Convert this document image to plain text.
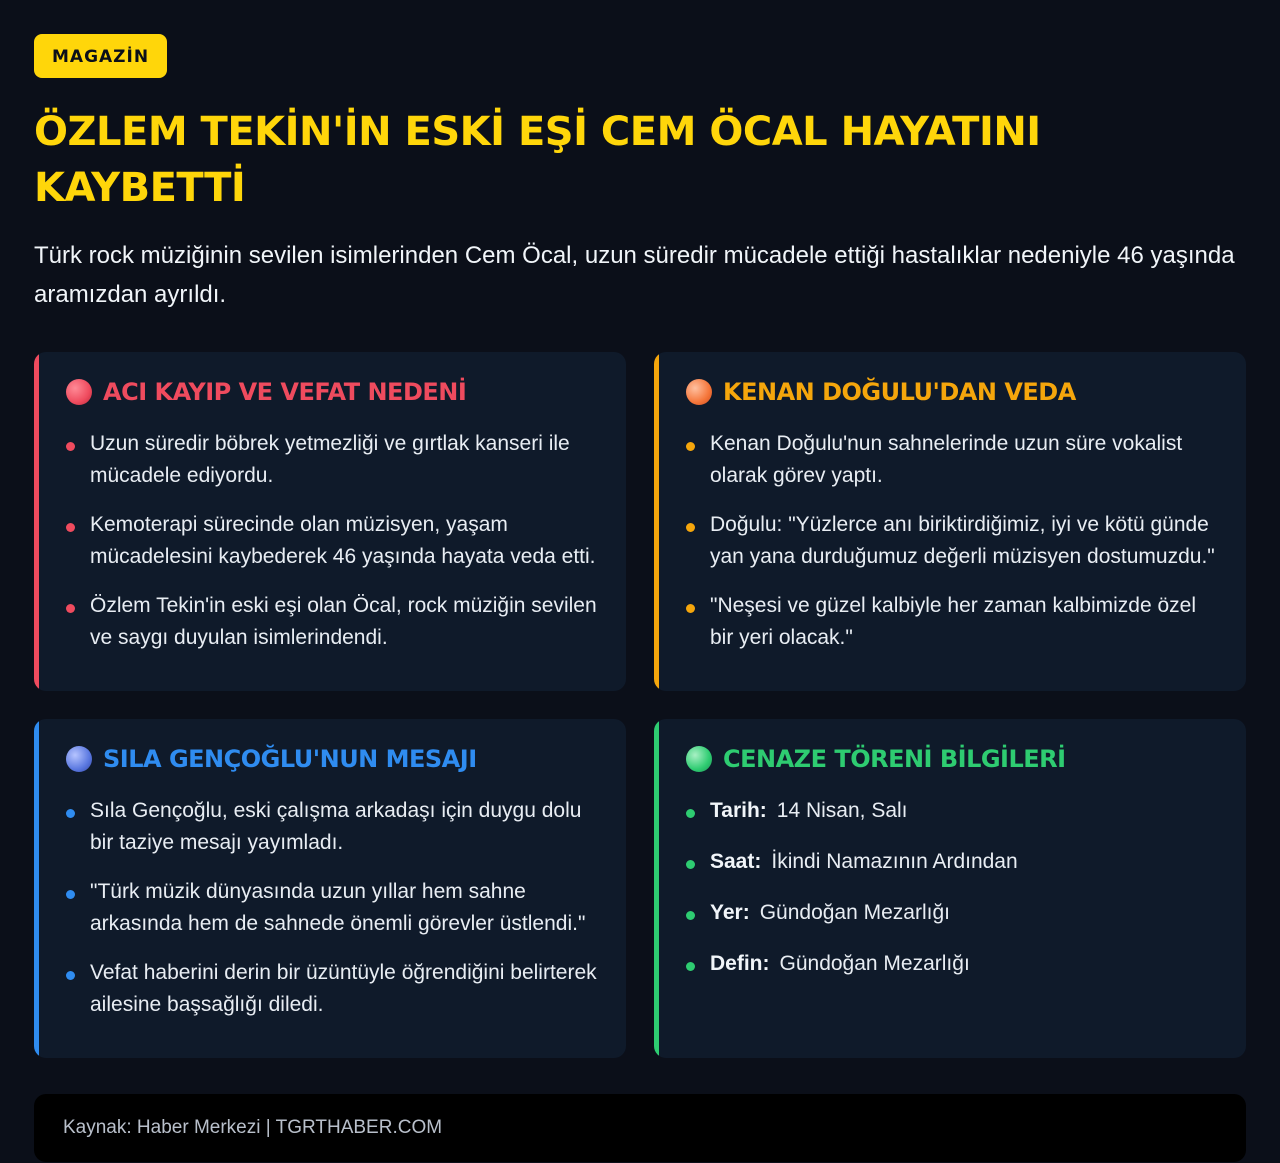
MAGAZİN
ÖZLEM TEKİN'İN ESKİ EŞİ CEM ÖCAL HAYATINI KAYBETTİ

Türk rock müziğinin sevilen isimlerinden Cem Öcal, uzun süredir mücadele ettiği hastalıklar nedeniyle 46 yaşında aramızdan ayrıldı.

ACI KAYIP VE VEFAT NEDENİ
Uzun süredir böbrek yetmezliği ve gırtlak kanseri ile mücadele ediyordu.
Kemoterapi sürecinde olan müzisyen, yaşam mücadelesini kaybederek 46 yaşında hayata veda etti.
Özlem Tekin'in eski eşi olan Öcal, rock müziğin sevilen ve saygı duyulan isimlerindendi.
KENAN DOĞULU'DAN VEDA
Kenan Doğulu'nun sahnelerinde uzun süre vokalist olarak görev yaptı.
Doğulu: "Yüzlerce anı biriktirdiğimiz, iyi ve kötü günde yan yana durduğumuz değerli müzisyen dostumuzdu."
"Neşesi ve güzel kalbiyle her zaman kalbimizde özel bir yeri olacak."
SILA GENÇOĞLU'NUN MESAJI
Sıla Gençoğlu, eski çalışma arkadaşı için duygu dolu bir taziye mesajı yayımladı.
"Türk müzik dünyasında uzun yıllar hem sahne arkasında hem de sahnede önemli görevler üstlendi."
Vefat haberini derin bir üzüntüyle öğrendiğini belirterek ailesine başsağlığı diledi.
CENAZE TÖRENİ BİLGİLERİ
Tarih: 14 Nisan, Salı
Saat: İkindi Namazının Ardından
Yer: Gündoğan Mezarlığı
Defin: Gündoğan Mezarlığı
Kaynak: Haber Merkezi | TGRTHABER.COM
